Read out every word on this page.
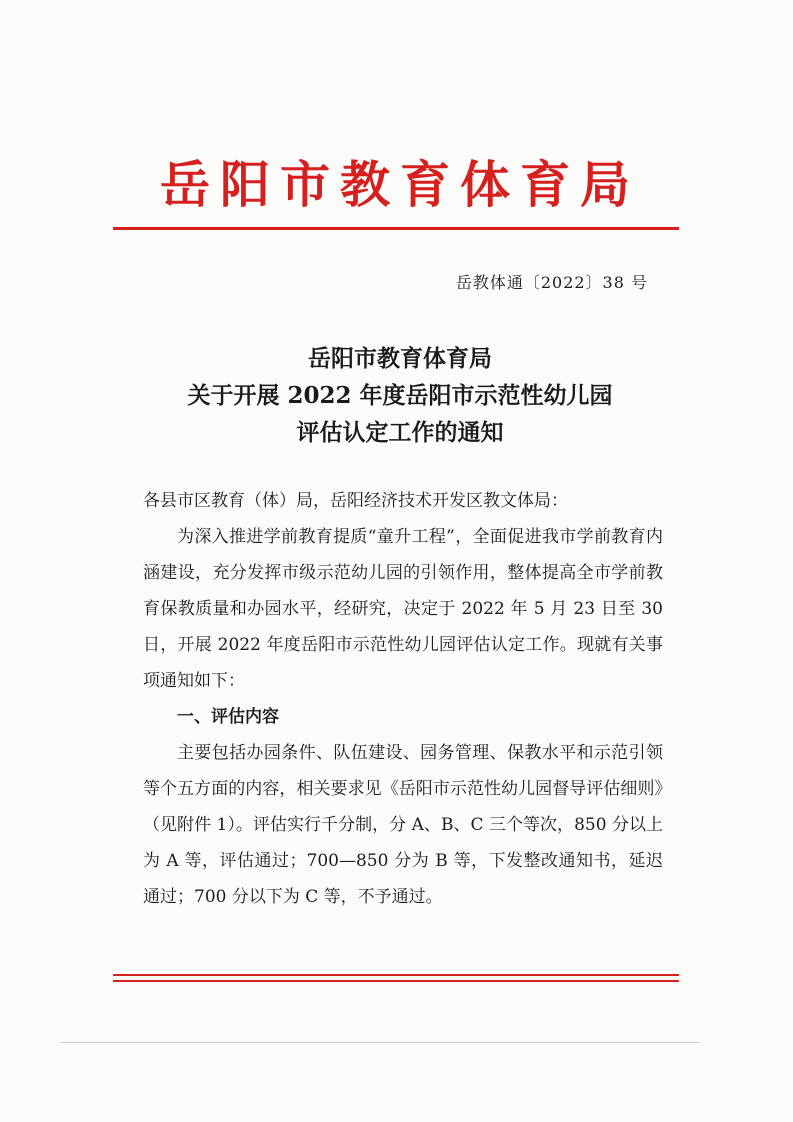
岳阳市教育体育局
岳教体通〔2022〕38 号
岳阳市教育体育局
关于开展 2022 年度岳阳市示范性幼儿园
评估认定工作的通知

各县市区教育（体）局，岳阳经济技术开发区教文体局：

为深入推进学前教育提质“童升工程”，全面促进我市学前教育内涵建设，充分发挥市级示范幼儿园的引领作用，整体提高全市学前教育保教质量和办园水平，经研究，决定于 2022 年 5 月 23 日至 30 日，开展 2022 年度岳阳市示范性幼儿园评估认定工作。现就有关事项通知如下：

一、评估内容

主要包括办园条件、队伍建设、园务管理、保教水平和示范引领等个五方面的内容，相关要求见《岳阳市示范性幼儿园督导评估细则》（见附件 1）。评估实行千分制，分 A、B、C 三个等次，850 分以上为 A 等，评估通过；700—850 分为 B 等，下发整改通知书，延迟通过；700 分以下为 C 等，不予通过。
